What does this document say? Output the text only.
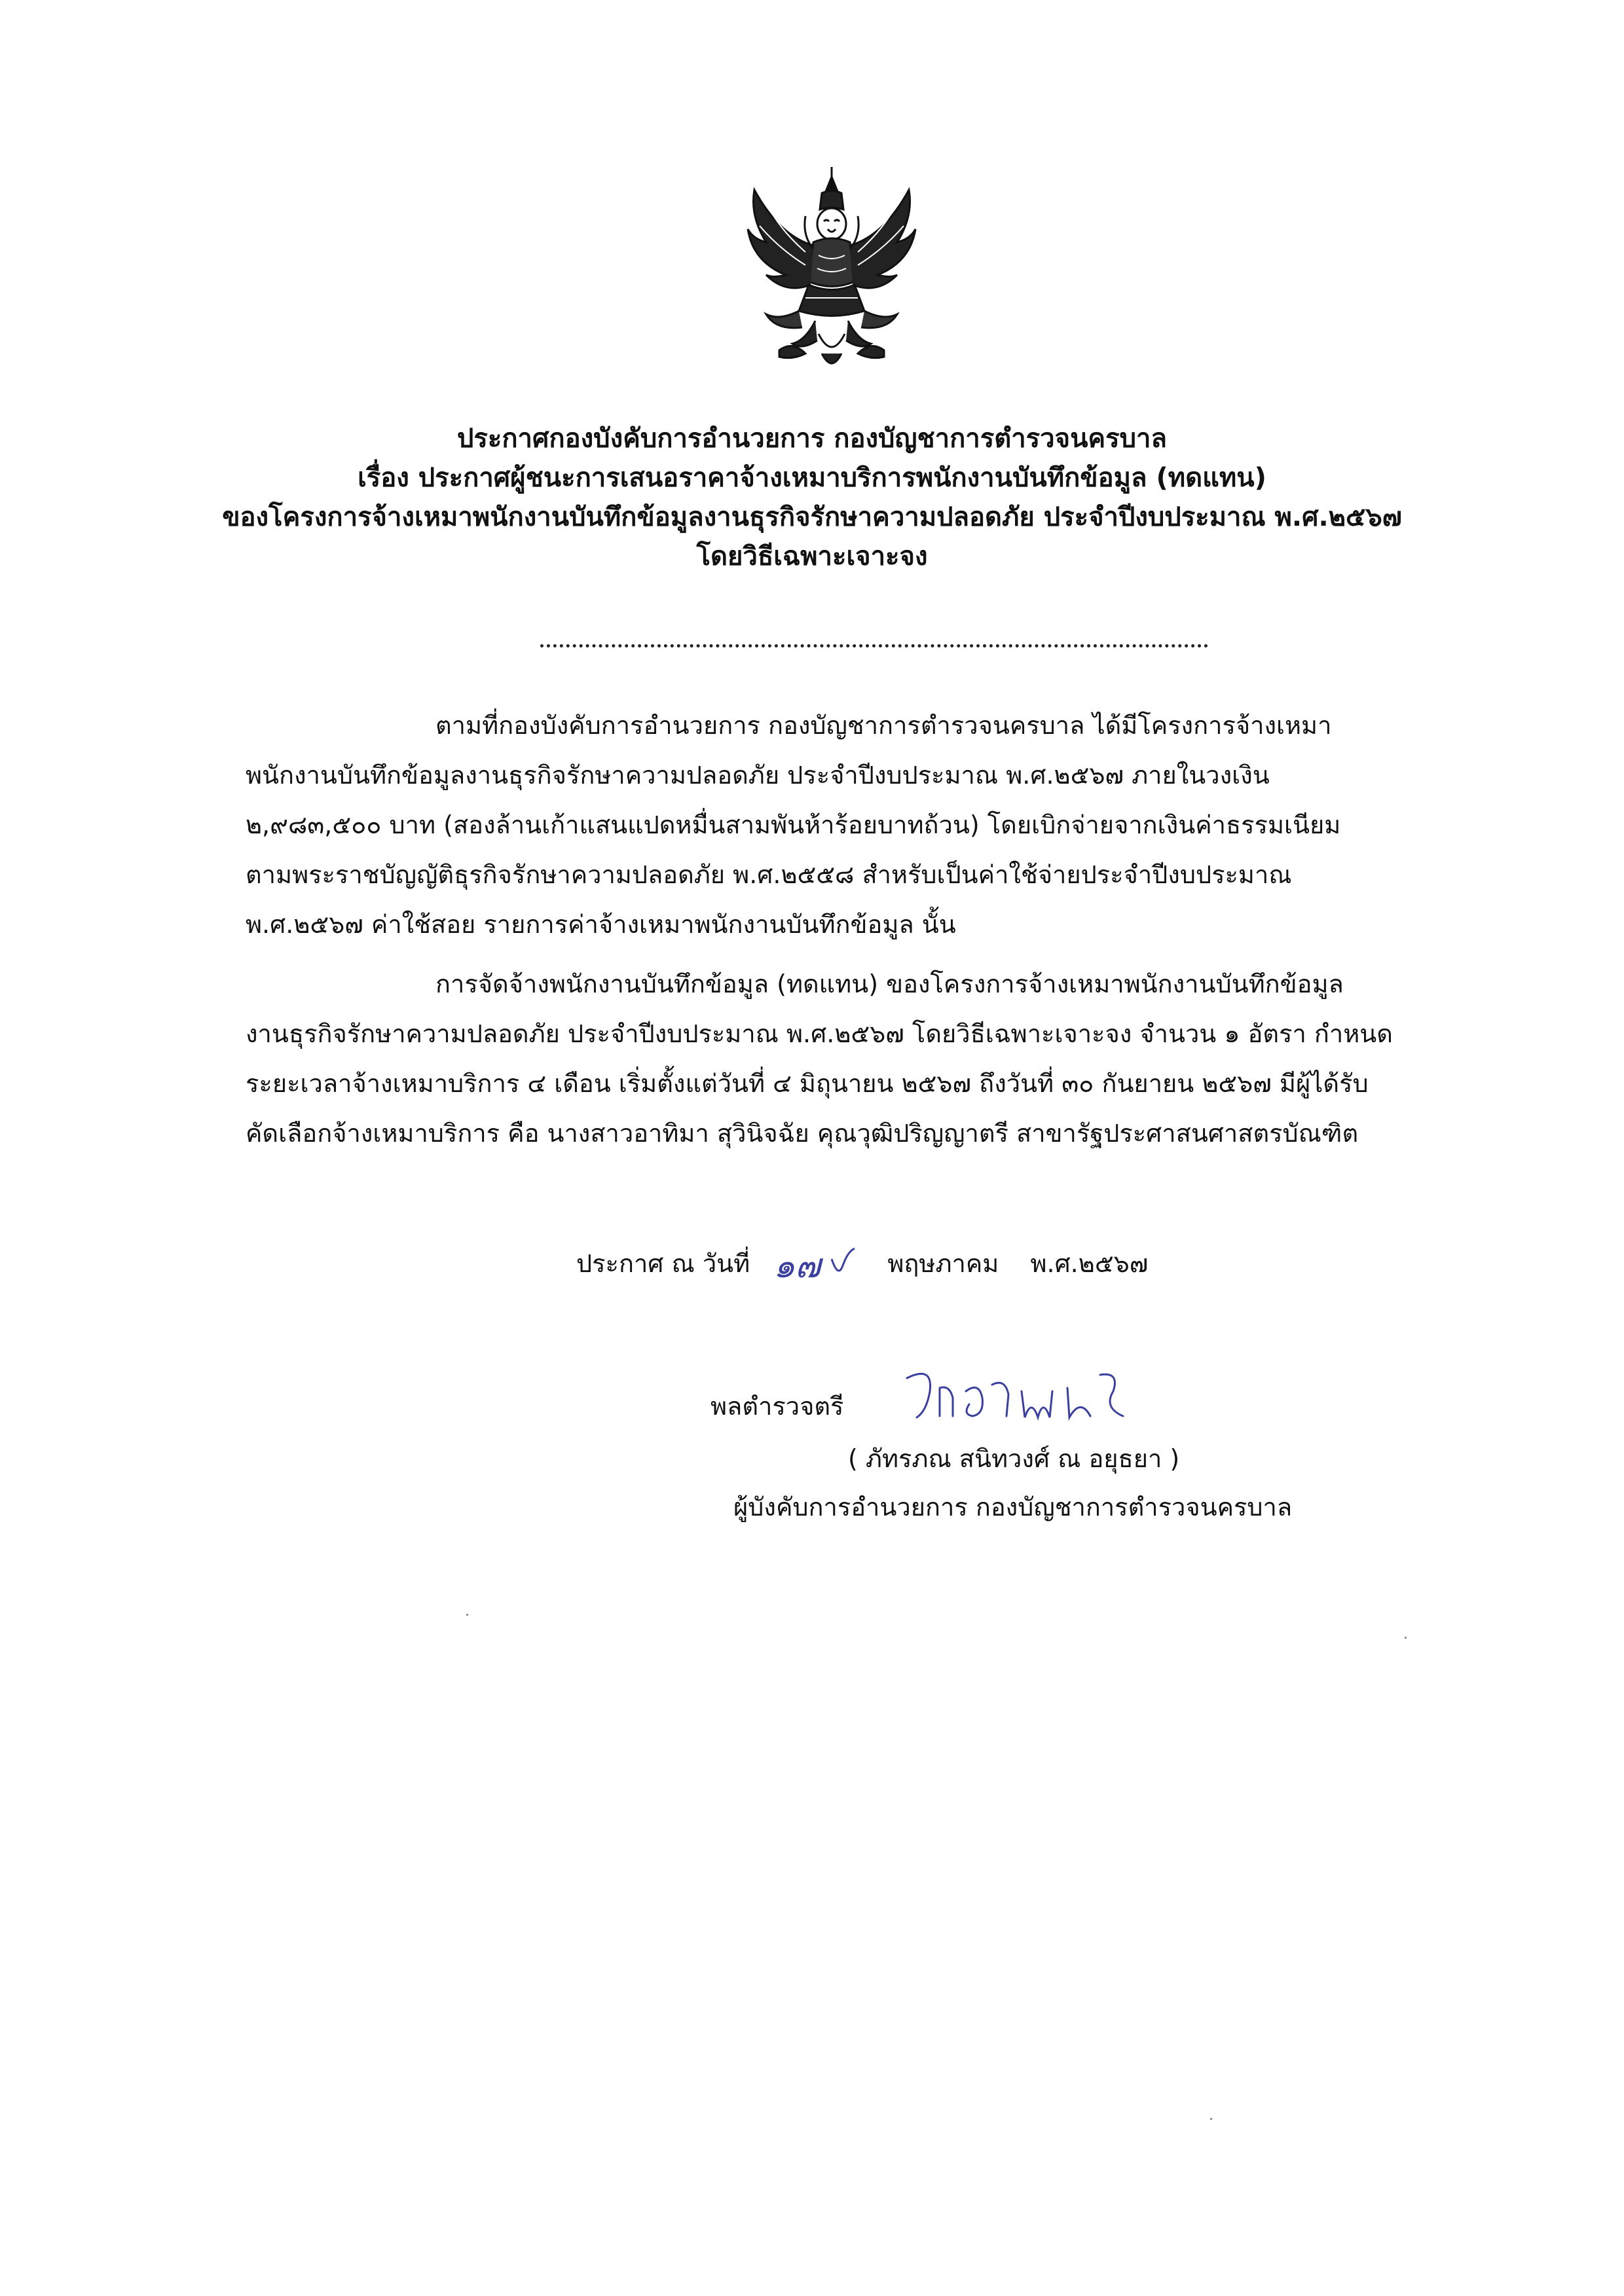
ประกาศกองบังคับการอำนวยการ กองบัญชาการตำรวจนครบาล
เรื่อง ประกาศผู้ชนะการเสนอราคาจ้างเหมาบริการพนักงานบันทึกข้อมูล (ทดแทน)
ของโครงการจ้างเหมาพนักงานบันทึกข้อมูลงานธุรกิจรักษาความปลอดภัย ประจำปีงบประมาณ พ.ศ.๒๕๖๗
โดยวิธีเฉพาะเจาะจง
ตามที่กองบังคับการอำนวยการ กองบัญชาการตำรวจนครบาล ได้มีโครงการจ้างเหมา
พนักงานบันทึกข้อมูลงานธุรกิจรักษาความปลอดภัย ประจำปีงบประมาณ พ.ศ.๒๕๖๗ ภายในวงเงิน
๒,๙๘๓,๕๐๐ บาท (สองล้านเก้าแสนแปดหมื่นสามพันห้าร้อยบาทถ้วน) โดยเบิกจ่ายจากเงินค่าธรรมเนียม
ตามพระราชบัญญัติธุรกิจรักษาความปลอดภัย พ.ศ.๒๕๕๘ สำหรับเป็นค่าใช้จ่ายประจำปีงบประมาณ
พ.ศ.๒๕๖๗ ค่าใช้สอย รายการค่าจ้างเหมาพนักงานบันทึกข้อมูล นั้น
การจัดจ้างพนักงานบันทึกข้อมูล (ทดแทน) ของโครงการจ้างเหมาพนักงานบันทึกข้อมูล
งานธุรกิจรักษาความปลอดภัย ประจำปีงบประมาณ พ.ศ.๒๕๖๗ โดยวิธีเฉพาะเจาะจง จำนวน ๑ อัตรา กำหนด
ระยะเวลาจ้างเหมาบริการ ๔ เดือน เริ่มตั้งแต่วันที่ ๔ มิถุนายน ๒๕๖๗ ถึงวันที่ ๓๐ กันยายน ๒๕๖๗ มีผู้ได้รับ
คัดเลือกจ้างเหมาบริการ คือ นางสาวอาทิมา สุวินิจฉัย คุณวุฒิปริญญาตรี สาขารัฐประศาสนศาสตรบัณฑิต
ประกาศ ณ วันที่ ๑๗	พฤษภาคม พ.ศ.๒๕๖๗
พลตำรวจตรี
( ภัทรภณ สนิทวงศ์ ณ อยุธยา )
ผู้บังคับการอำนวยการ กองบัญชาการตำรวจนครบาล
